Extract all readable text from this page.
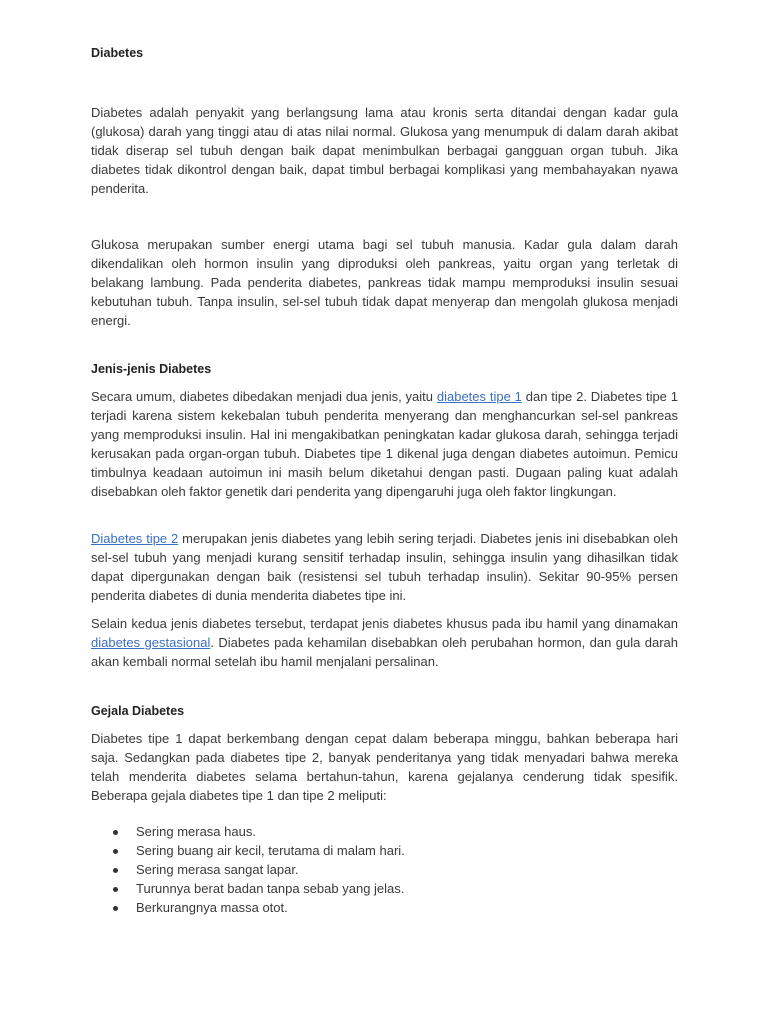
Diabetes

Diabetes adalah penyakit yang berlangsung lama atau kronis serta ditandai dengan kadar gula (glukosa) darah yang tinggi atau di atas nilai normal. Glukosa yang menumpuk di dalam darah akibat tidak diserap sel tubuh dengan baik dapat menimbulkan berbagai gangguan organ tubuh. Jika diabetes tidak dikontrol dengan baik, dapat timbul berbagai komplikasi yang membahayakan nyawa penderita.

Glukosa merupakan sumber energi utama bagi sel tubuh manusia. Kadar gula dalam darah dikendalikan oleh hormon insulin yang diproduksi oleh pankreas, yaitu organ yang terletak di belakang lambung. Pada penderita diabetes, pankreas tidak mampu memproduksi insulin sesuai kebutuhan tubuh. Tanpa insulin, sel-sel tubuh tidak dapat menyerap dan mengolah glukosa menjadi energi.

Jenis-jenis Diabetes

Secara umum, diabetes dibedakan menjadi dua jenis, yaitu diabetes tipe 1 dan tipe 2. Diabetes tipe 1 terjadi karena sistem kekebalan tubuh penderita menyerang dan menghancurkan sel-sel pankreas yang memproduksi insulin. Hal ini mengakibatkan peningkatan kadar glukosa darah, sehingga terjadi kerusakan pada organ-organ tubuh. Diabetes tipe 1 dikenal juga dengan diabetes autoimun. Pemicu timbulnya keadaan autoimun ini masih belum diketahui dengan pasti. Dugaan paling kuat adalah disebabkan oleh faktor genetik dari penderita yang dipengaruhi juga oleh faktor lingkungan.

Diabetes tipe 2 merupakan jenis diabetes yang lebih sering terjadi. Diabetes jenis ini disebabkan oleh sel-sel tubuh yang menjadi kurang sensitif terhadap insulin, sehingga insulin yang dihasilkan tidak dapat dipergunakan dengan baik (resistensi sel tubuh terhadap insulin). Sekitar 90-95% persen penderita diabetes di dunia menderita diabetes tipe ini.

Selain kedua jenis diabetes tersebut, terdapat jenis diabetes khusus pada ibu hamil yang dinamakan diabetes gestasional. Diabetes pada kehamilan disebabkan oleh perubahan hormon, dan gula darah akan kembali normal setelah ibu hamil menjalani persalinan.

Gejala Diabetes

Diabetes tipe 1 dapat berkembang dengan cepat dalam beberapa minggu, bahkan beberapa hari saja. Sedangkan pada diabetes tipe 2, banyak penderitanya yang tidak menyadari bahwa mereka telah menderita diabetes selama bertahun-tahun, karena gejalanya cenderung tidak spesifik. Beberapa gejala diabetes tipe 1 dan tipe 2 meliputi:

Sering merasa haus.
Sering buang air kecil, terutama di malam hari.
Sering merasa sangat lapar.
Turunnya berat badan tanpa sebab yang jelas.
Berkurangnya massa otot.
